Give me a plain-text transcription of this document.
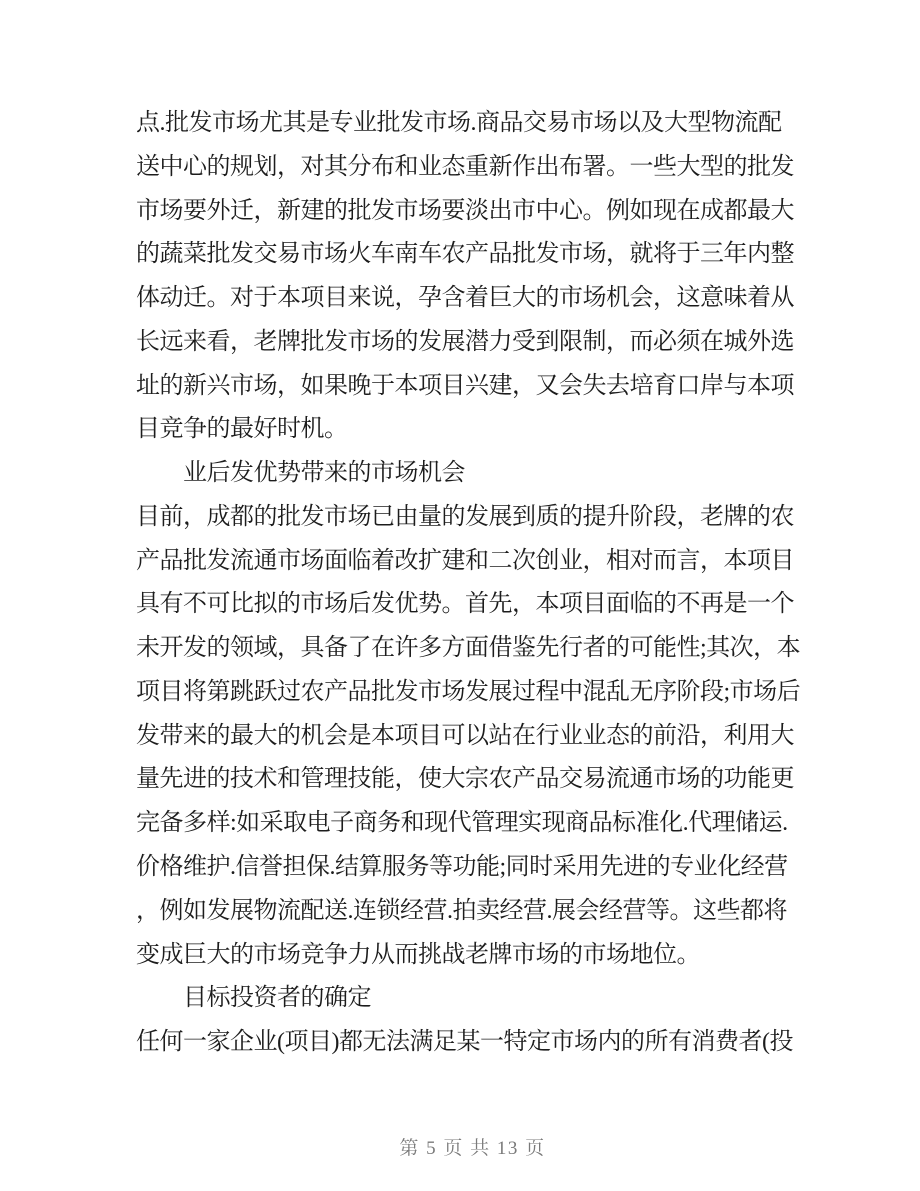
点.批发市场尤其是专业批发市场.商品交易市场以及大型物流配
送中心的规划，对其分布和业态重新作出布署。一些大型的批发
市场要外迁，新建的批发市场要淡出市中心。例如现在成都最大
的蔬菜批发交易市场火车南车农产品批发市场，就将于三年内整
体动迁。对于本项目来说，孕含着巨大的市场机会，这意味着从
长远来看，老牌批发市场的发展潜力受到限制，而必须在城外选
址的新兴市场，如果晚于本项目兴建，又会失去培育口岸与本项
目竞争的最好时机。
　　业后发优势带来的市场机会
目前，成都的批发市场已由量的发展到质的提升阶段，老牌的农
产品批发流通市场面临着改扩建和二次创业，相对而言，本项目
具有不可比拟的市场后发优势。首先，本项目面临的不再是一个
未开发的领域，具备了在许多方面借鉴先行者的可能性;其次，本
项目将第跳跃过农产品批发市场发展过程中混乱无序阶段;市场后
发带来的最大的机会是本项目可以站在行业业态的前沿，利用大
量先进的技术和管理技能，使大宗农产品交易流通市场的功能更
完备多样:如采取电子商务和现代管理实现商品标准化.代理储运.
价格维护.信誉担保.结算服务等功能;同时采用先进的专业化经营
，例如发展物流配送.连锁经营.拍卖经营.展会经营等。这些都将
变成巨大的市场竞争力从而挑战老牌市场的市场地位。
　　目标投资者的确定
任何一家企业(项目)都无法满足某一特定市场内的所有消费者(投

第 5 页 共 13 页
